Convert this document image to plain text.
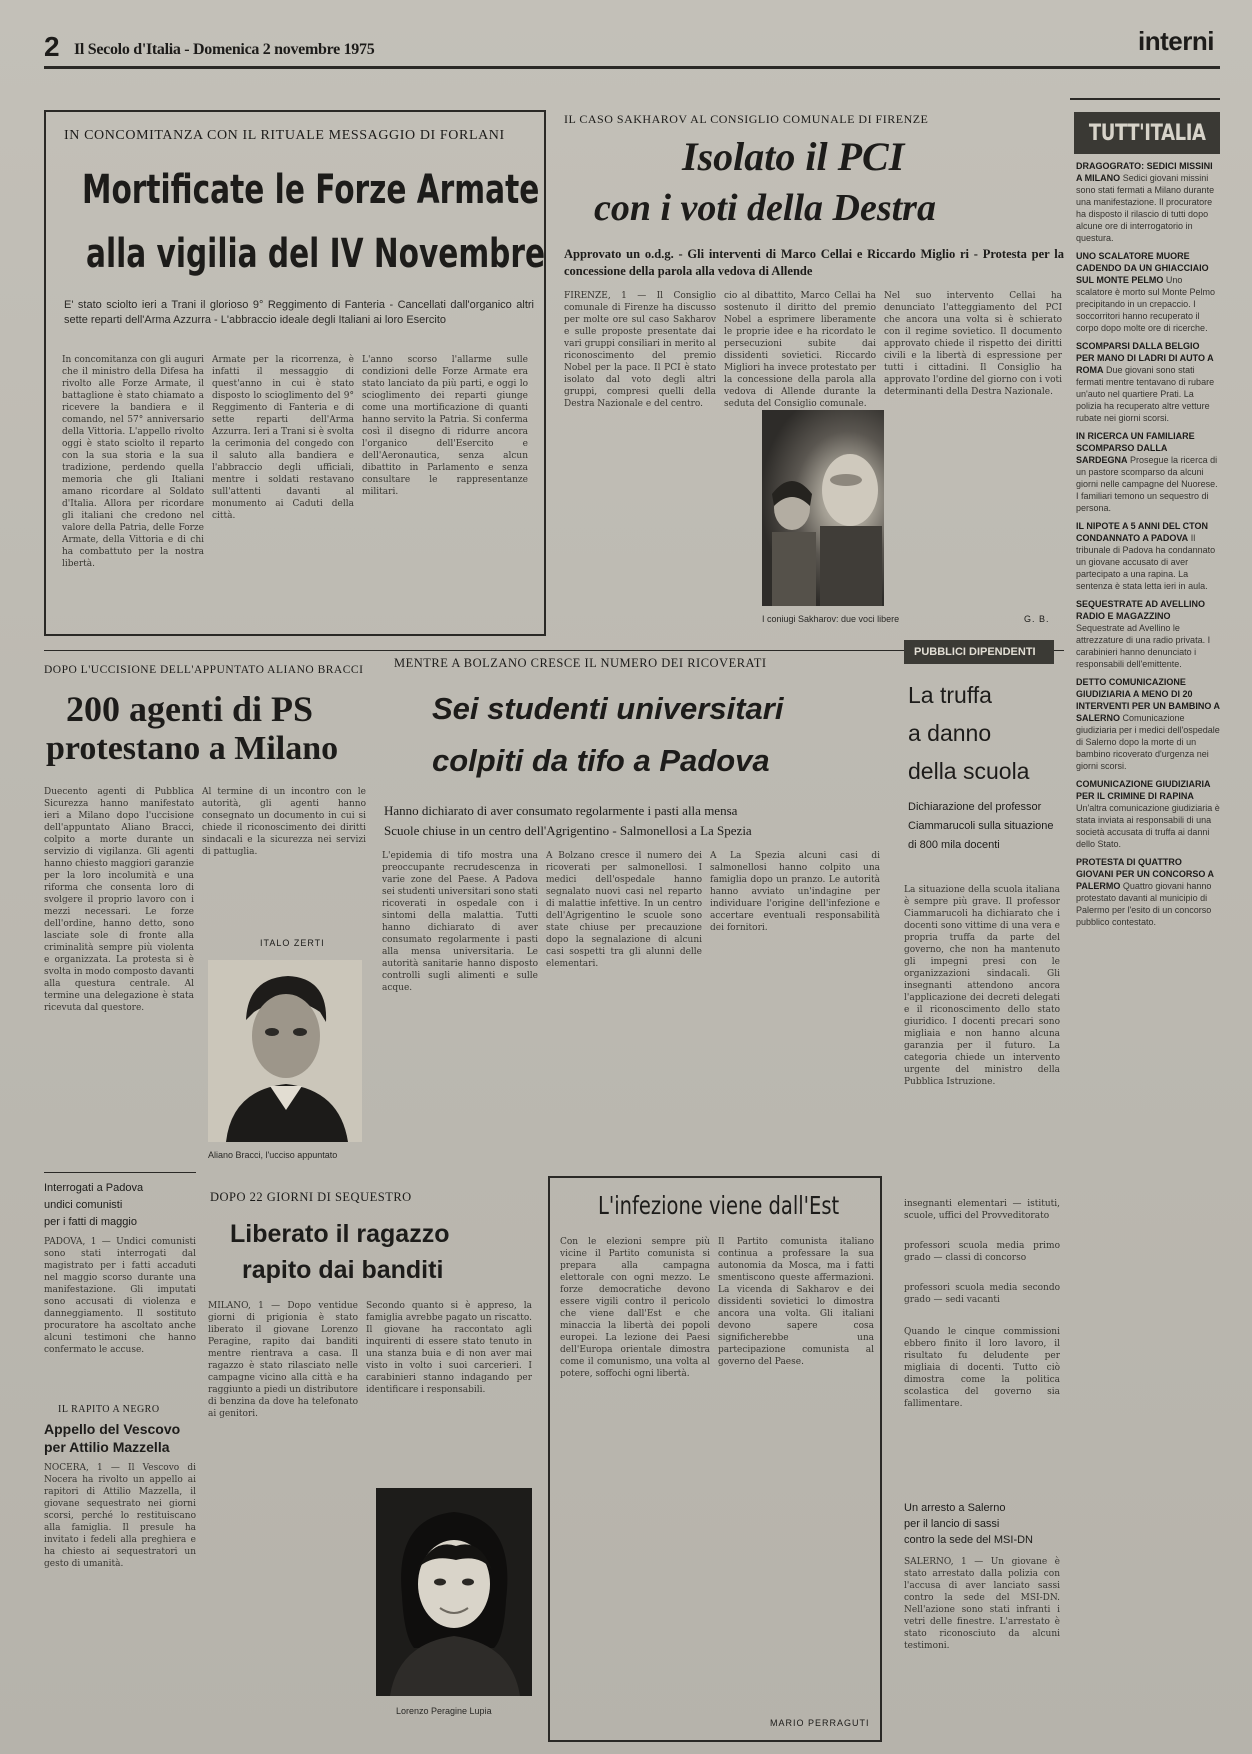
2 Il Secolo d'Italia - Domenica 2 novembre 1975	interni
IN CONCOMITANZA CON IL RITUALE MESSAGGIO DI FORLANI
Mortificate le Forze Armate
alla vigilia del IV Novembre
E' stato sciolto ieri a Trani il glorioso 9° Reggimento di Fanteria - Cancellati dall'organico altri sette reparti dell'Arma Azzurra - L'abbraccio ideale degli Italiani ai loro Esercito
In concomitanza con gli auguri che il ministro della Difesa ha rivolto alle Forze Armate, il battaglione è stato chiamato a ricevere la bandiera e il comando, nel 57° anniversario della Vittoria. L'appello rivolto oggi è stato sciolto il reparto con la sua storia e la sua tradizione, perdendo quella memoria che gli Italiani amano ricordare al Soldato d'Italia. Allora per ricordare gli italiani che credono nel valore della Patria, delle Forze Armate, della Vittoria e di chi ha combattuto per la nostra libertà.
Armate per la ricorrenza, è infatti il messaggio di quest'anno in cui è stato disposto lo scioglimento del 9° Reggimento di Fanteria e di sette reparti dell'Arma Azzurra. Ieri a Trani si è svolta la cerimonia del congedo con il saluto alla bandiera e l'abbraccio degli ufficiali, mentre i soldati restavano sull'attenti davanti al monumento ai Caduti della città.
L'anno scorso l'allarme sulle condizioni delle Forze Armate era stato lanciato da più parti, e oggi lo scioglimento dei reparti giunge come una mortificazione di quanti hanno servito la Patria. Si conferma così il disegno di ridurre ancora l'organico dell'Esercito e dell'Aeronautica, senza alcun dibattito in Parlamento e senza consultare le rappresentanze militari.
IL CASO SAKHAROV AL CONSIGLIO COMUNALE DI FIRENZE
Isolato il PCI
con i voti della Destra
Approvato un o.d.g. - Gli interventi di Marco Cellai e Riccardo Miglio ri - Protesta per la concessione della parola alla vedova di Allende
FIRENZE, 1 — Il Consiglio comunale di Firenze ha discusso per molte ore sul caso Sakharov e sulle proposte presentate dai vari gruppi consiliari in merito al riconoscimento del premio Nobel per la pace. Il PCI è stato isolato dal voto degli altri gruppi, compresi quelli della Destra Nazionale e del centro.
cio al dibattito, Marco Cellai ha sostenuto il diritto del premio Nobel a esprimere liberamente le proprie idee e ha ricordato le persecuzioni subite dai dissidenti sovietici. Riccardo Migliori ha invece protestato per la concessione della parola alla vedova di Allende durante la seduta del Consiglio comunale.
Nel suo intervento Cellai ha denunciato l'atteggiamento del PCI che ancora una volta si è schierato con il regime sovietico. Il documento approvato chiede il rispetto dei diritti civili e la libertà di espressione per tutti i cittadini. Il Consiglio ha approvato l'ordine del giorno con i voti determinanti della Destra Nazionale.
I coniugi Sakharov: due voci libere	G. B.
TUTT'ITALIA
DRAGOGRATO: SEDICI MISSINI A MILANO Sedici giovani missini sono stati fermati a Milano durante una manifestazione. Il procuratore ha disposto il rilascio di tutti dopo alcune ore di interrogatorio in questura.
UNO SCALATORE MUORE CADENDO DA UN GHIACCIAIO SUL MONTE PELMO Uno scalatore è morto sul Monte Pelmo precipitando in un crepaccio. I soccorritori hanno recuperato il corpo dopo molte ore di ricerche.
SCOMPARSI DALLA BELGIO PER MANO DI LADRI DI AUTO A ROMA Due giovani sono stati fermati mentre tentavano di rubare un'auto nel quartiere Prati. La polizia ha recuperato altre vetture rubate nei giorni scorsi.
IN RICERCA UN FAMILIARE SCOMPARSO DALLA SARDEGNA Prosegue la ricerca di un pastore scomparso da alcuni giorni nelle campagne del Nuorese. I familiari temono un sequestro di persona.
IL NIPOTE A 5 ANNI DEL CTON CONDANNATO A PADOVA Il tribunale di Padova ha condannato un giovane accusato di aver partecipato a una rapina. La sentenza è stata letta ieri in aula.
SEQUESTRATE AD AVELLINO RADIO E MAGAZZINO Sequestrate ad Avellino le attrezzature di una radio privata. I carabinieri hanno denunciato i responsabili dell'emittente.
DETTO COMUNICAZIONE GIUDIZIARIA A MENO DI 20 INTERVENTI PER UN BAMBINO A SALERNO Comunicazione giudiziaria per i medici dell'ospedale di Salerno dopo la morte di un bambino ricoverato d'urgenza nei giorni scorsi.
COMUNICAZIONE GIUDIZIARIA PER IL CRIMINE DI RAPINA Un'altra comunicazione giudiziaria è stata inviata ai responsabili di una società accusata di truffa ai danni dello Stato.
PROTESTA DI QUATTRO GIOVANI PER UN CONCORSO A PALERMO Quattro giovani hanno protestato davanti al municipio di Palermo per l'esito di un concorso pubblico contestato.
DOPO L'UCCISIONE DELL'APPUNTATO ALIANO BRACCI
200 agenti di PS
protestano a Milano
Duecento agenti di Pubblica Sicurezza hanno manifestato ieri a Milano dopo l'uccisione dell'appuntato Aliano Bracci, colpito a morte durante un servizio di vigilanza. Gli agenti hanno chiesto maggiori garanzie per la loro incolumità e una riforma che consenta loro di svolgere il proprio lavoro con i mezzi necessari. Le forze dell'ordine, hanno detto, sono lasciate sole di fronte alla criminalità sempre più violenta e organizzata. La protesta si è svolta in modo composto davanti alla questura centrale. Al termine una delegazione è stata ricevuta dal questore.
Al termine di un incontro con le autorità, gli agenti hanno consegnato un documento in cui si chiede il riconoscimento dei diritti sindacali e la sicurezza nei servizi di pattuglia.
ITALO ZERTI
Aliano Bracci, l'ucciso appuntato
MENTRE A BOLZANO CRESCE IL NUMERO DEI RICOVERATI
Sei studenti universitari
colpiti da tifo a Padova
Hanno dichiarato di aver consumato regolarmente i pasti alla mensa
Scuole chiuse in un centro dell'Agrigentino - Salmonellosi a La Spezia
L'epidemia di tifo mostra una preoccupante recrudescenza in varie zone del Paese. A Padova sei studenti universitari sono stati ricoverati in ospedale con i sintomi della malattia. Tutti hanno dichiarato di aver consumato regolarmente i pasti alla mensa universitaria. Le autorità sanitarie hanno disposto controlli sugli alimenti e sulle acque.
A Bolzano cresce il numero dei ricoverati per salmonellosi. I medici dell'ospedale hanno segnalato nuovi casi nel reparto di malattie infettive. In un centro dell'Agrigentino le scuole sono state chiuse per precauzione dopo la segnalazione di alcuni casi sospetti tra gli alunni delle elementari.
A La Spezia alcuni casi di salmonellosi hanno colpito una famiglia dopo un pranzo. Le autorità hanno avviato un'indagine per individuare l'origine dell'infezione e accertare eventuali responsabilità dei fornitori.
PUBBLICI DIPENDENTI
La truffa
a danno
della scuola
Dichiarazione del professor Ciammarucoli sulla situazione di 800 mila docenti
La situazione della scuola italiana è sempre più grave. Il professor Ciammarucoli ha dichiarato che i docenti sono vittime di una vera e propria truffa da parte del governo, che non ha mantenuto gli impegni presi con le organizzazioni sindacali. Gli insegnanti attendono ancora l'applicazione dei decreti delegati e il riconoscimento dello stato giuridico. I docenti precari sono migliaia e non hanno alcuna garanzia per il futuro. La categoria chiede un intervento urgente del ministro della Pubblica Istruzione.
insegnanti elementari — istituti, scuole, uffici del Provveditorato
professori scuola media primo grado — classi di concorso
professori scuola media secondo grado — sedi vacanti
Quando le cinque commissioni ebbero finito il loro lavoro, il risultato fu deludente per migliaia di docenti. Tutto ciò dimostra come la politica scolastica del governo sia fallimentare.
Un arresto a Salerno
per il lancio di sassi
contro la sede del MSI-DN
SALERNO, 1 — Un giovane è stato arrestato dalla polizia con l'accusa di aver lanciato sassi contro la sede del MSI-DN. Nell'azione sono stati infranti i vetri delle finestre. L'arrestato è stato riconosciuto da alcuni testimoni.
Interrogati a Padova
undici comunisti
per i fatti di maggio
PADOVA, 1 — Undici comunisti sono stati interrogati dal magistrato per i fatti accaduti nel maggio scorso durante una manifestazione. Gli imputati sono accusati di violenza e danneggiamento. Il sostituto procuratore ha ascoltato anche alcuni testimoni che hanno confermato le accuse.
IL RAPITO A NEGRO
Appello del Vescovo
per Attilio Mazzella
NOCERA, 1 — Il Vescovo di Nocera ha rivolto un appello ai rapitori di Attilio Mazzella, il giovane sequestrato nei giorni scorsi, perché lo restituiscano alla famiglia. Il presule ha invitato i fedeli alla preghiera e ha chiesto ai sequestratori un gesto di umanità.
DOPO 22 GIORNI DI SEQUESTRO
Liberato il ragazzo
rapito dai banditi
MILANO, 1 — Dopo ventidue giorni di prigionia è stato liberato il giovane Lorenzo Peragine, rapito dai banditi mentre rientrava a casa. Il ragazzo è stato rilasciato nelle campagne vicino alla città e ha raggiunto a piedi un distributore di benzina da dove ha telefonato ai genitori.
Secondo quanto si è appreso, la famiglia avrebbe pagato un riscatto. Il giovane ha raccontato agli inquirenti di essere stato tenuto in una stanza buia e di non aver mai visto in volto i suoi carcerieri. I carabinieri stanno indagando per identificare i responsabili.
Lorenzo Peragine Lupia
L'infezione viene dall'Est
Con le elezioni sempre più vicine il Partito comunista si prepara alla campagna elettorale con ogni mezzo. Le forze democratiche devono essere vigili contro il pericolo che viene dall'Est e che minaccia la libertà dei popoli europei. La lezione dei Paesi dell'Europa orientale dimostra come il comunismo, una volta al potere, soffochi ogni libertà.
Il Partito comunista italiano continua a professare la sua autonomia da Mosca, ma i fatti smentiscono queste affermazioni. La vicenda di Sakharov e dei dissidenti sovietici lo dimostra ancora una volta. Gli italiani devono sapere cosa significherebbe una partecipazione comunista al governo del Paese.
MARIO PERRAGUTI
